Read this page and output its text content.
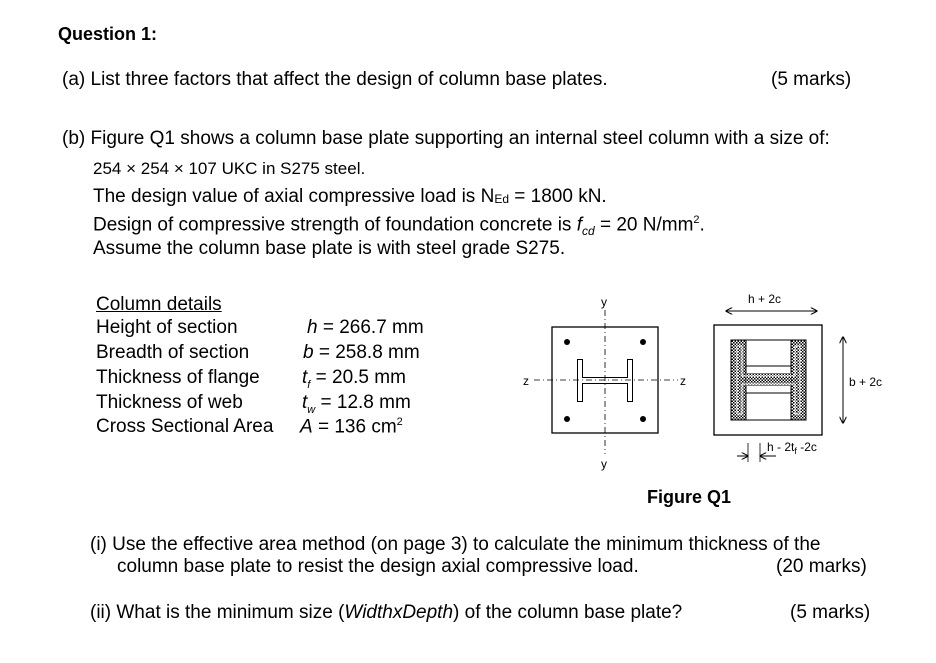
Question 1:
(a) List three factors that affect the design of column base plates.	(5 marks)
(b) Figure Q1 shows a column base plate supporting an internal steel column with a size of:
254 × 254 × 107 UKC in S275 steel.
The design value of axial compressive load is $N_{Ed} = 1800$ kN.
Design of compressive strength of foundation concrete is $f_{cd} = 20$ $N/mm^2$.
Assume the column base plate is with steel grade S275.
Column details
Height of section	h = 266.7 mm
Breadth of section	b = 258.8 mm
Thickness of flange $t_f = 20.5$ mm
Thickness of web	$t_w = 12.8$ mm
Cross Sectional Area A = 136 $cm^2$
y
y
z	z
h + 2c
b + 2c
h - $2t_f$ -2c
Figure Q1
(i) Use the effective area method (on page 3) to calculate the minimum thickness of the
column base plate to resist the design axial compressive load.	(20 marks)
(ii) What is the minimum size (WidthxDepth) of the column base plate?	(5 marks)
